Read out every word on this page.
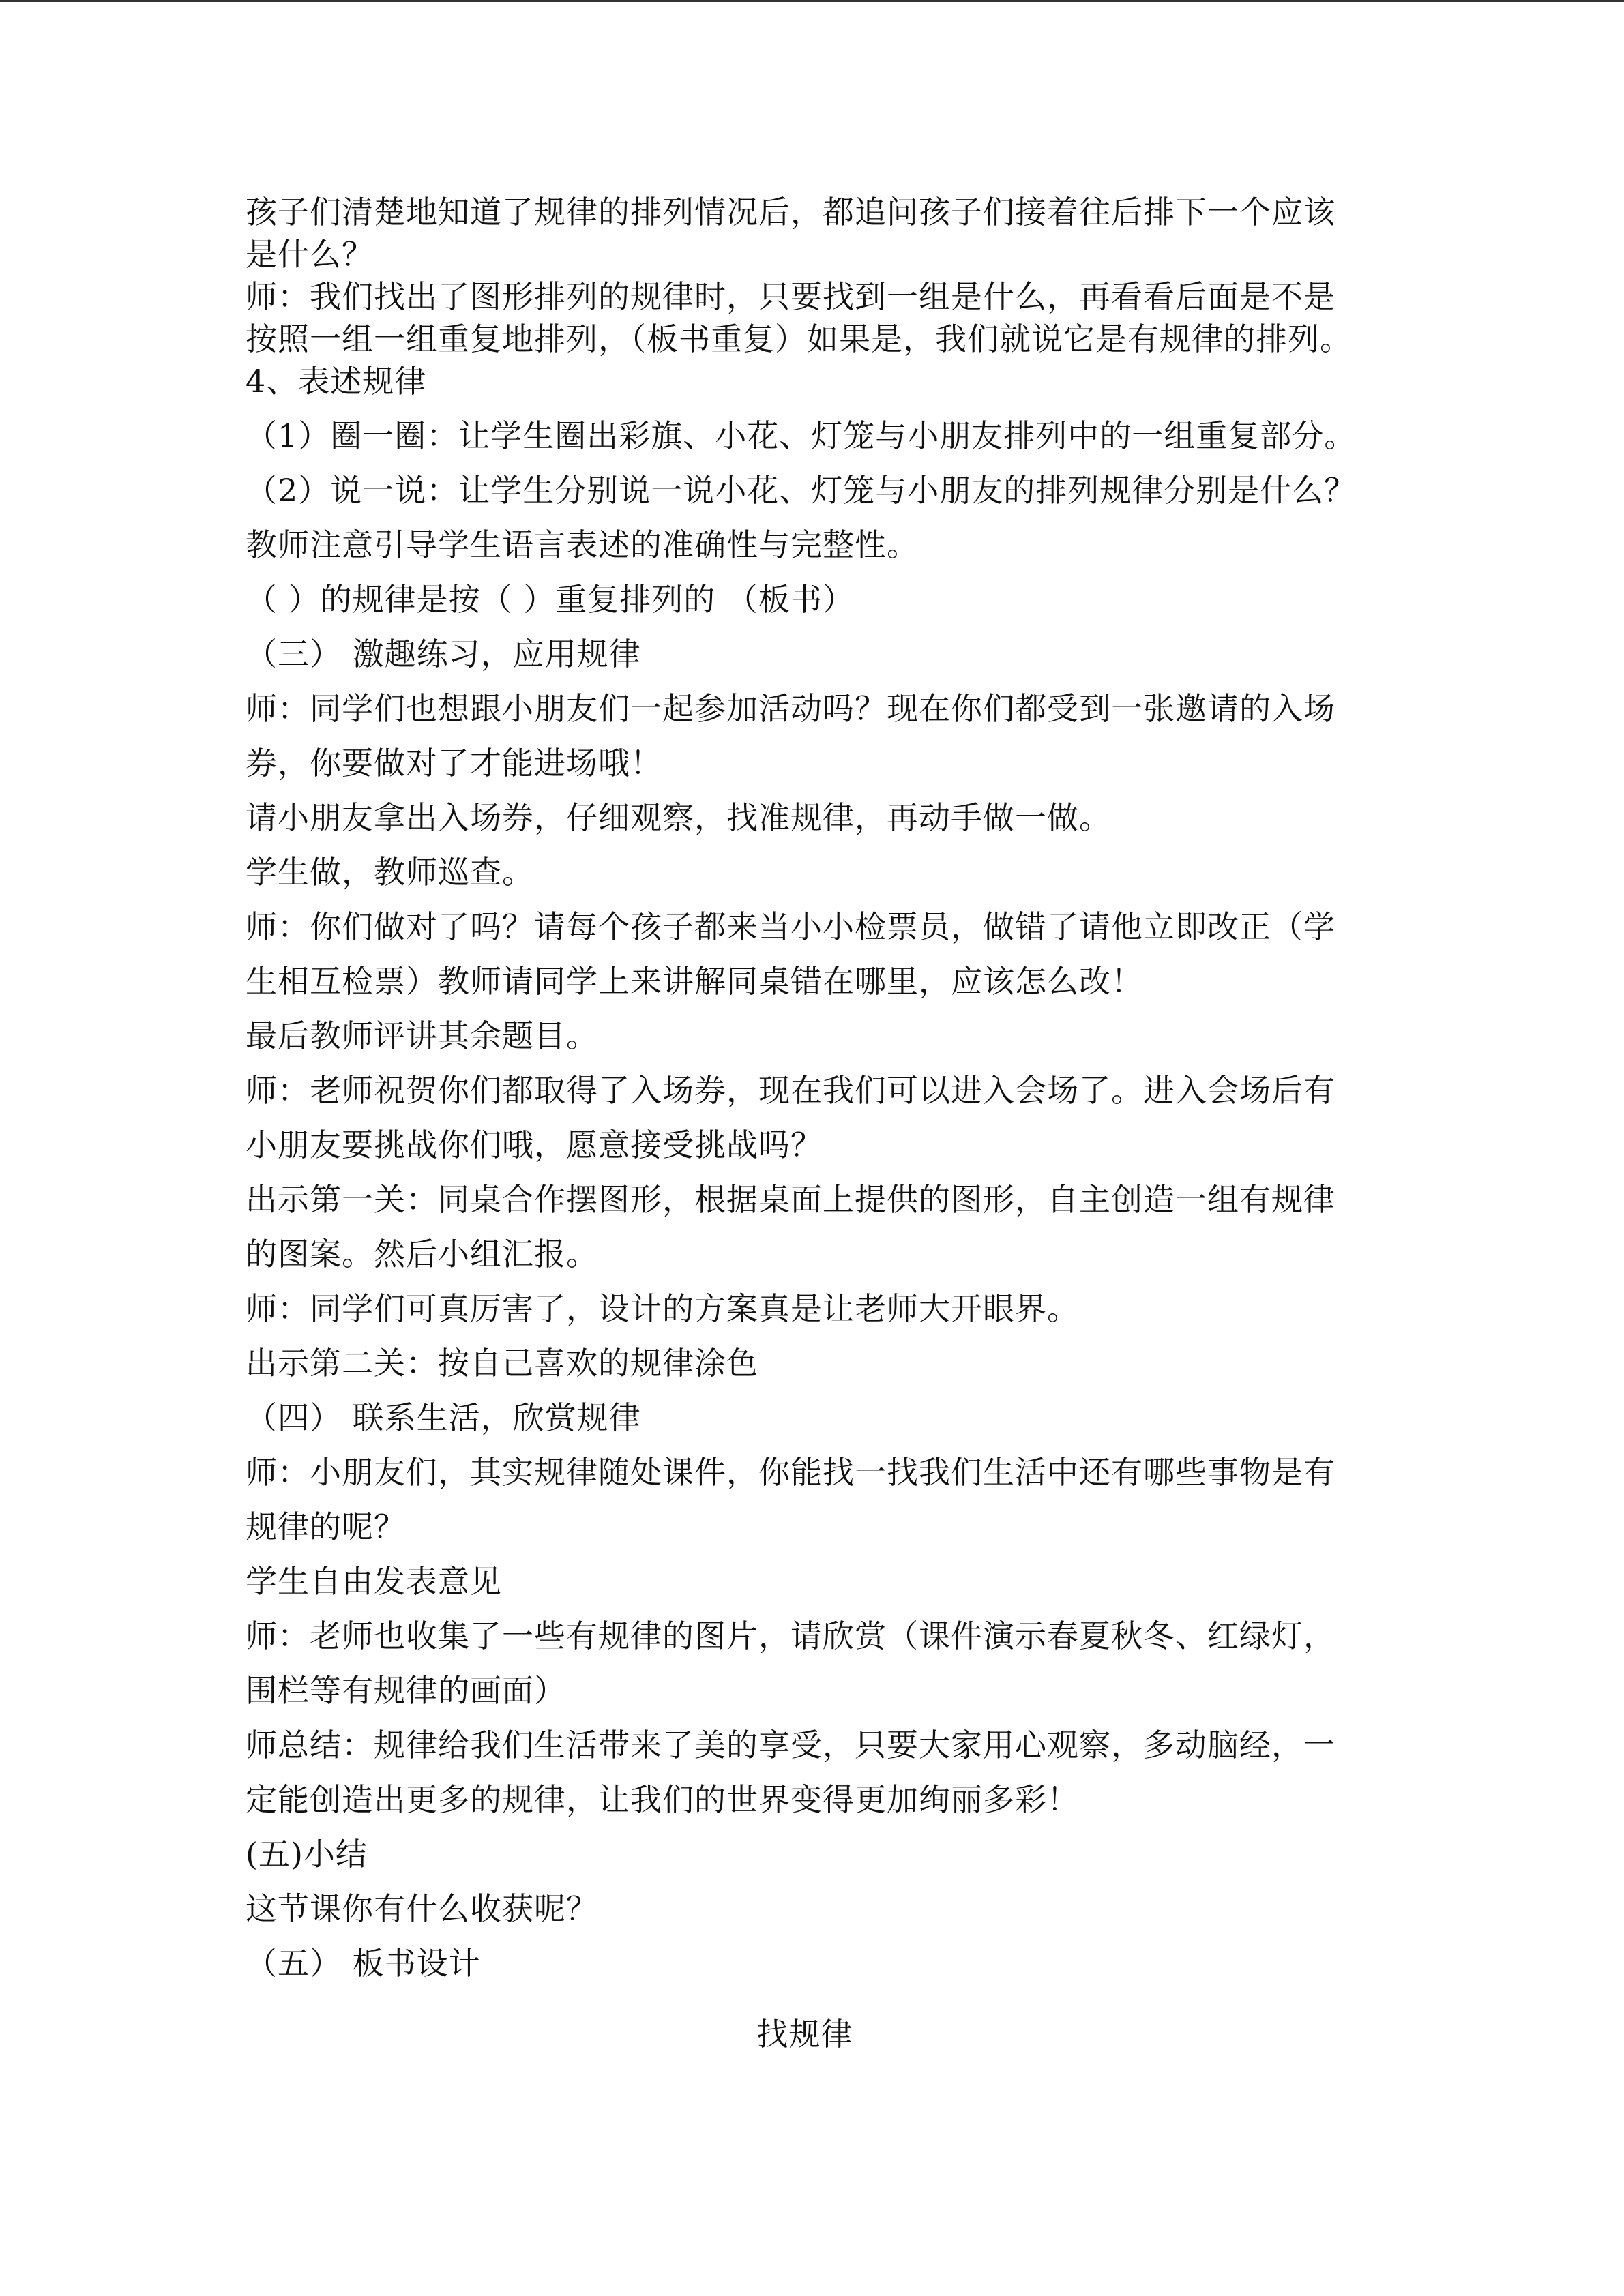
孩子们清楚地知道了规律的排列情况后，都追问孩子们接着往后排下一个应该

是什么？

师：我们找出了图形排列的规律时，只要找到一组是什么，再看看后面是不是

按照一组一组重复地排列，（板书重复）如果是，我们就说它是有规律的排列。

4、表述规律

（1）圈一圈：让学生圈出彩旗、小花、灯笼与小朋友排列中的一组重复部分。

（2）说一说：让学生分别说一说小花、灯笼与小朋友的排列规律分别是什么？

教师注意引导学生语言表述的准确性与完整性。

（ ）的规律是按（ ）重复排列的 （板书）

（三） 激趣练习，应用规律

师：同学们也想跟小朋友们一起参加活动吗？现在你们都受到一张邀请的入场

券，你要做对了才能进场哦！

请小朋友拿出入场券，仔细观察，找准规律，再动手做一做。

学生做，教师巡查。

师：你们做对了吗？请每个孩子都来当小小检票员，做错了请他立即改正（学

生相互检票）教师请同学上来讲解同桌错在哪里，应该怎么改！

最后教师评讲其余题目。

师：老师祝贺你们都取得了入场券，现在我们可以进入会场了。进入会场后有

小朋友要挑战你们哦，愿意接受挑战吗？

出示第一关：同桌合作摆图形，根据桌面上提供的图形，自主创造一组有规律

的图案。然后小组汇报。

师：同学们可真厉害了，设计的方案真是让老师大开眼界。

出示第二关：按自己喜欢的规律涂色

（四） 联系生活，欣赏规律

师：小朋友们，其实规律随处课件，你能找一找我们生活中还有哪些事物是有

规律的呢？

学生自由发表意见

师：老师也收集了一些有规律的图片，请欣赏（课件演示春夏秋冬、红绿灯，

围栏等有规律的画面）

师总结：规律给我们生活带来了美的享受，只要大家用心观察，多动脑经，一

定能创造出更多的规律，让我们的世界变得更加绚丽多彩！

(五)小结

这节课你有什么收获呢？

（五） 板书设计

找规律
